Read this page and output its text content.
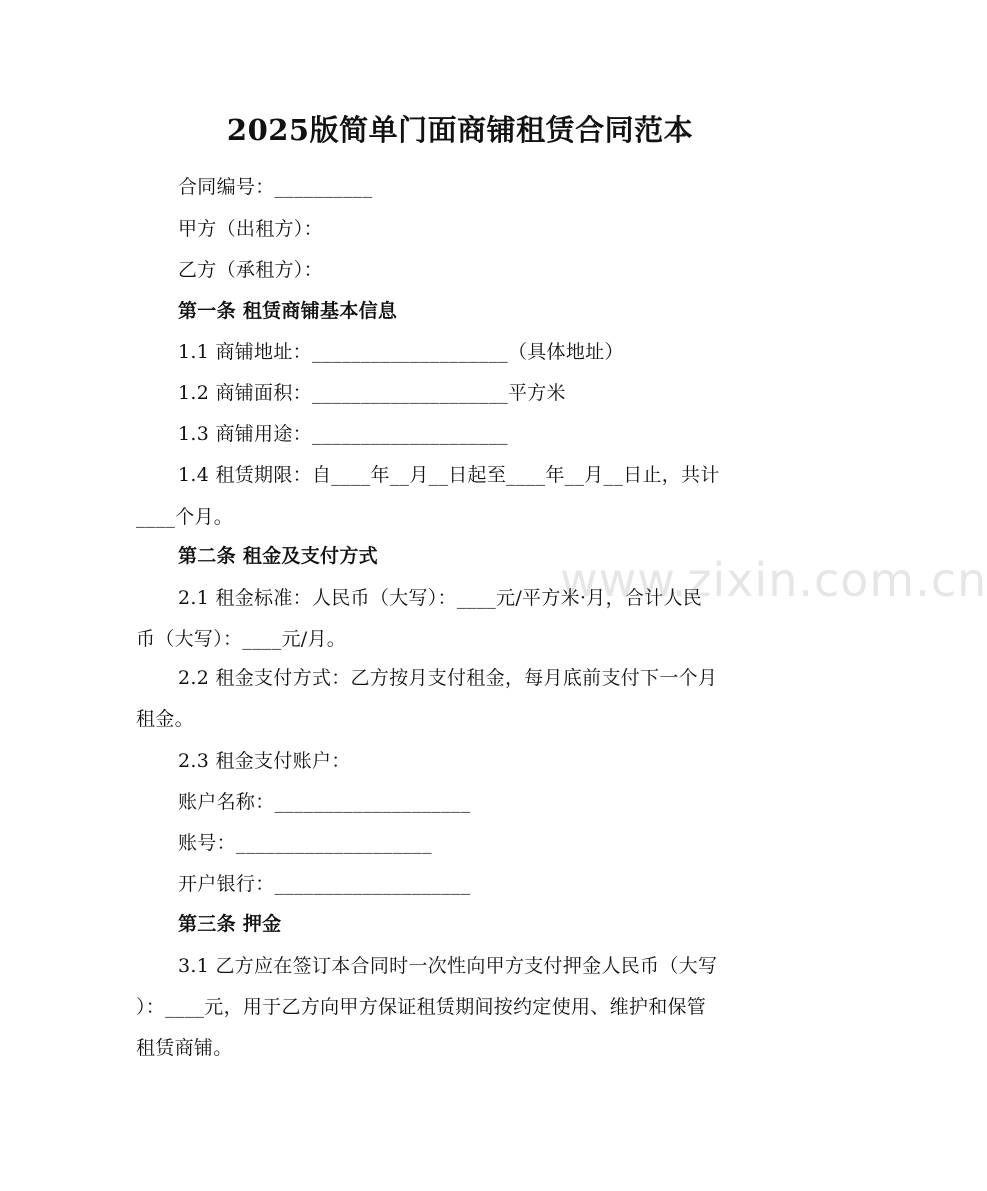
www.zixin.com.cn
2025版简单门面商铺租赁合同范本
合同编号：__________
甲方（出租方）：
乙方（承租方）：
第一条 租赁商铺基本信息
1.1 商铺地址：____________________（具体地址）
1.2 商铺面积：____________________平方米
1.3 商铺用途：____________________
1.4 租赁期限：自____年__月__日起至____年__月__日止，共计
____个月。
第二条 租金及支付方式
2.1 租金标准：人民币（大写）：____元/平方米·月，合计人民
币（大写）：____元/月。
2.2 租金支付方式：乙方按月支付租金，每月底前支付下一个月
租金。
2.3 租金支付账户：
账户名称：____________________
账号：____________________
开户银行：____________________
第三条 押金
3.1 乙方应在签订本合同时一次性向甲方支付押金人民币（大写
）：____元，用于乙方向甲方保证租赁期间按约定使用、维护和保管
租赁商铺。
